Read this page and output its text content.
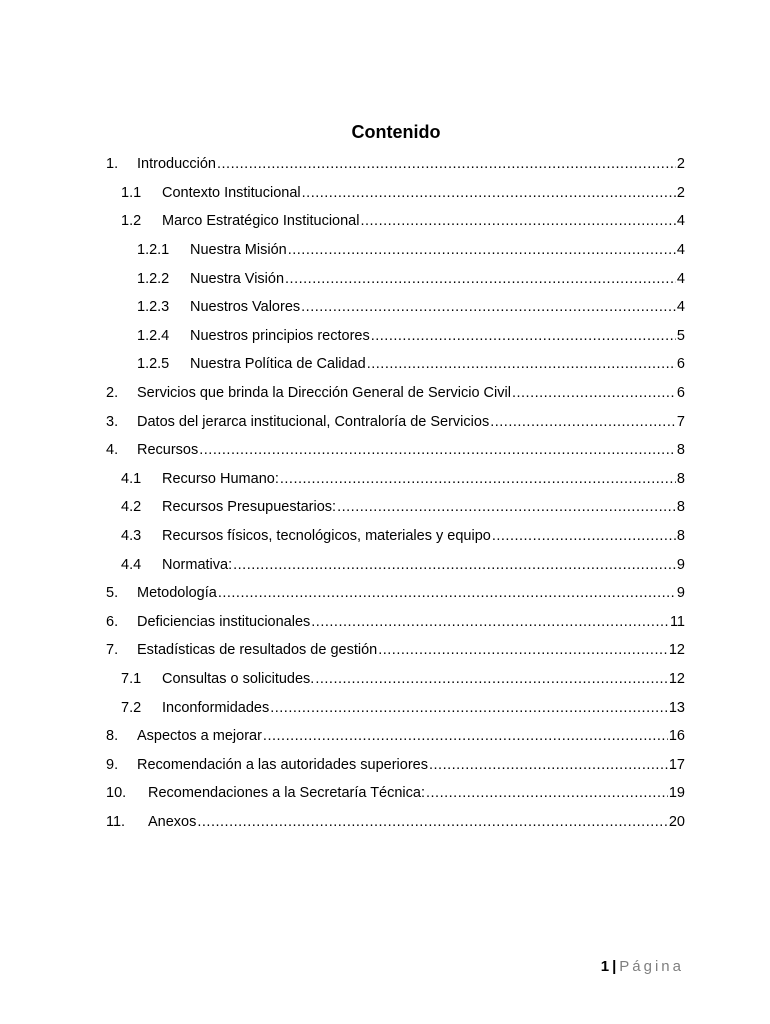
Contenido
1. Introducción .....	2
1.1 Contexto Institucional .....	2
1.2 Marco Estratégico Institucional .....	4
1.2.1 Nuestra Misión .....	4
1.2.2 Nuestra Visión .....	4
1.2.3 Nuestros Valores .....	4
1.2.4 Nuestros principios rectores .....	5
1.2.5 Nuestra Política de Calidad .....	6
2. Servicios que brinda la Dirección General de Servicio Civil .....	6
3. Datos del jerarca institucional, Contraloría de Servicios .....	7
4. Recursos .....	8
4.1 Recurso Humano: .....	8
4.2 Recursos Presupuestarios: .....	8
4.3 Recursos físicos, tecnológicos, materiales y equipo .....	8
4.4 Normativa: .....	9
5. Metodología .....	9
6. Deficiencias institucionales .....	11
7. Estadísticas de resultados de gestión .....	12
7.1 Consultas o solicitudes. .....	12
7.2 Inconformidades .....	13
8. Aspectos a mejorar .....	16
9. Recomendación a las autoridades superiores .....	17
10. Recomendaciones a la Secretaría Técnica: .....	19
11. Anexos .....	20
1 | Página
